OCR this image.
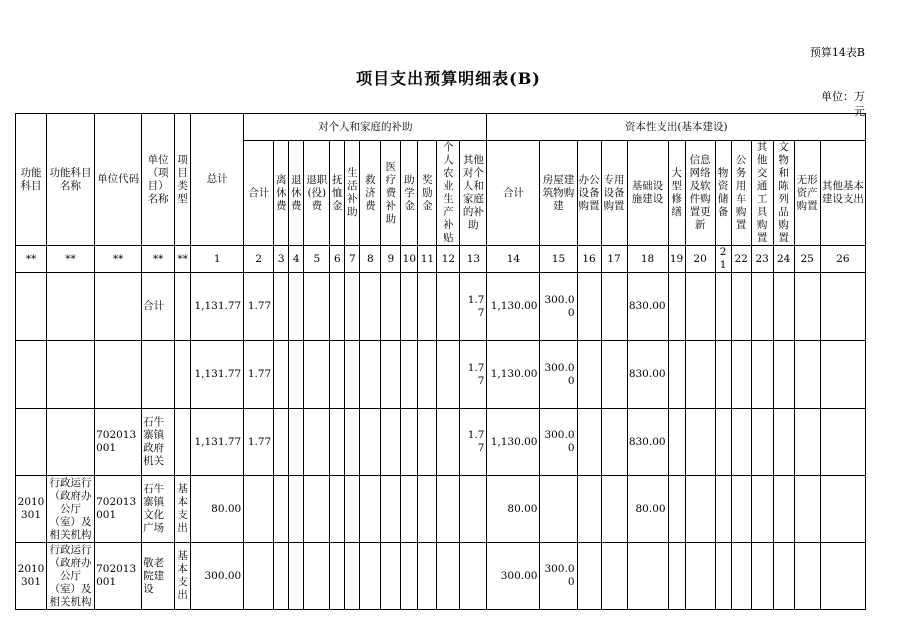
预算14表B
项目支出预算明细表(B)
单位：万
元
功能科目	功能科目名称	单位代码	单位（项目）名称	项目类型	总计	对个人和家庭的补助												资本性支出(基本建设)												
						合计	离休费	退休费	退职(役)费	抚恤金	生活补助	救济费	医疗费补助	助学金	奖励金	个人农业生产补贴	其他对个人和家庭的补助	合计	房屋建筑物购建	办公设备购置	专用设备购置	基础设施建设	大型修缮	信息网络及软件购置更新	物资储备	公务用车购置	其他交通工具购置	文物和陈列品购置	无形资产购置	其他基本建设支出
**	**	**	**	**	1	2	3	4	5	6	7	8	9	10	11	12	13	14	15	16	17	18	19	20	21	22	23	24	25	26
			合计		1,131.77	1.77											1.77	1,130.00	300.00			830.00								
					1,131.77	1.77											1.77	1,130.00	300.00			830.00								
		702013001	石牛寨镇政府机关		1,131.77	1.77											1.77	1,130.00	300.00			830.00								
2010301	行政运行（政府办公厅（室）及相关机构	702013001	石牛寨镇文化广场	基本支出	80.00													80.00				80.00								
2010301	行政运行（政府办公厅（室）及相关机构	702013001	敬老院建设	基本支出	300.00													300.00	300.00											
